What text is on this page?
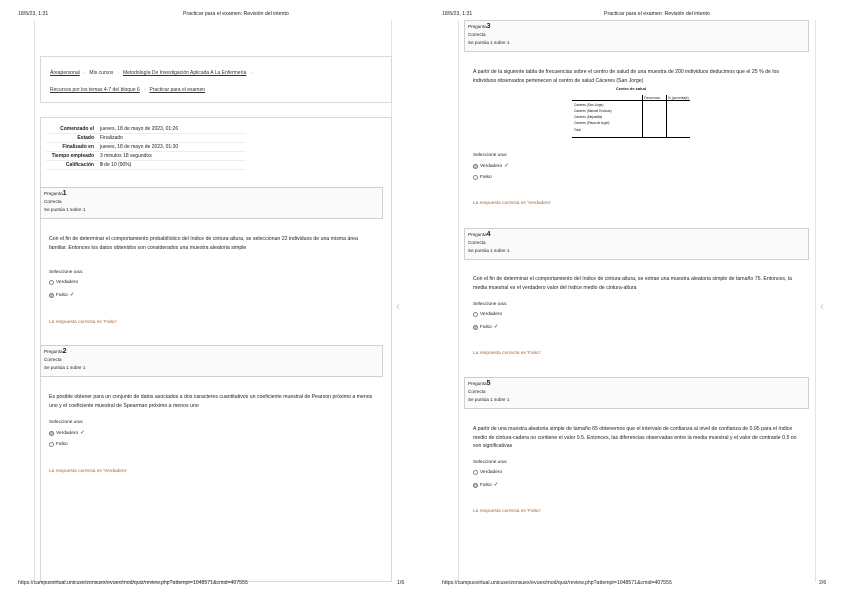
18/5/23, 1:31	Practicar para el examen: Revisión del intento
Áreapersonal › Mis cursos › Metodología De Investigación Aplicada A La Enfermería ›
Recursos por los temas 4-7 del bloque 6 › Practicar para el examen
Comenzado el	jueves, 18 de mayo de 2023, 01:26
Estado	Finalizado
Finalizado en	jueves, 18 de mayo de 2023, 01:30
Tiempo empleado	3 minutos 18 segundos
Calificación	9 de 10 (90%)
Pregunta1
Correcta
Se puntúa 1 sobre 1
Con el fin de determinar el comportamiento probabilístico del índice de cintura-altura, se seleccionan 22 individuos de una misma área familiar. Entonces los datos obtenidos son considerados una muestra aleatoria simple
Seleccione una:
Verdadero
Falso ✓
La respuesta correcta es 'Falso'
Pregunta2
Correcta
Se puntúa 1 sobre 1
Es posible obtener para un conjunto de datos asociados a dos caracteres cuantitativos un coeficiente muestral de Pearson próximo a menos uno y el coeficiente muestral de Spearman próximo a menos uno
Seleccione una:
Verdadero ✓
Falso
La respuesta correcta es 'Verdadero'
‹
https://campusvirtual.unicuse/zonsuex/evuex/mod/quiz/review.php?attempt=1048571&cmid=407555	1/6
18/5/23, 1:31	Practicar para el examen: Revisión del intento
Pregunta3
Correcta
Se puntúa 1 sobre 1
A partir de la siguiente tabla de frecuencias sobre el centro de salud de una muestra de 200 individuos deducimos que el 25 % de los individuos observados pertenecen al centro de salud Cáceres (San Jorge)
Centro de salud
Frecuencia	% (porcentaje)
Cáceres (San Jorge)
Cáceres (Manuel Encinas)
Cáceres (Mejostilla)
Cáceres (Plaza de Argel)
Total
Seleccione una:
Verdadero ✓
Falso
La respuesta correcta es 'Verdadero'
Pregunta4
Correcta
Se puntúa 1 sobre 1
Con el fin de determinar el comportamiento del índice de cintura-altura, se extrae una muestra aleatoria simple de tamaño 75. Entonces, la media muestral es el verdadero valor del índice medio de cintura-altura
Seleccione una:
Verdadero
Falso ✓
La respuesta correcta es 'Falso'
Pregunta5
Correcta
Se puntúa 1 sobre 1
A partir de una muestra aleatoria simple de tamaño 65 obtenemos que el intervalo de confianza al nivel de confianza de 0.95 para el índice medio de cintura-cadera no contiene el valor 0.5. Entonces, las diferencias observadas entre la media muestral y el valor de contraste 0.5 no son significativas
Seleccione una:
Verdadero
Falso ✓
La respuesta correcta es 'Falso'
‹
https://campusvirtual.unicuse/zonsuex/evuex/mod/quiz/review.php?attempt=1048571&cmid=407555	2/6
